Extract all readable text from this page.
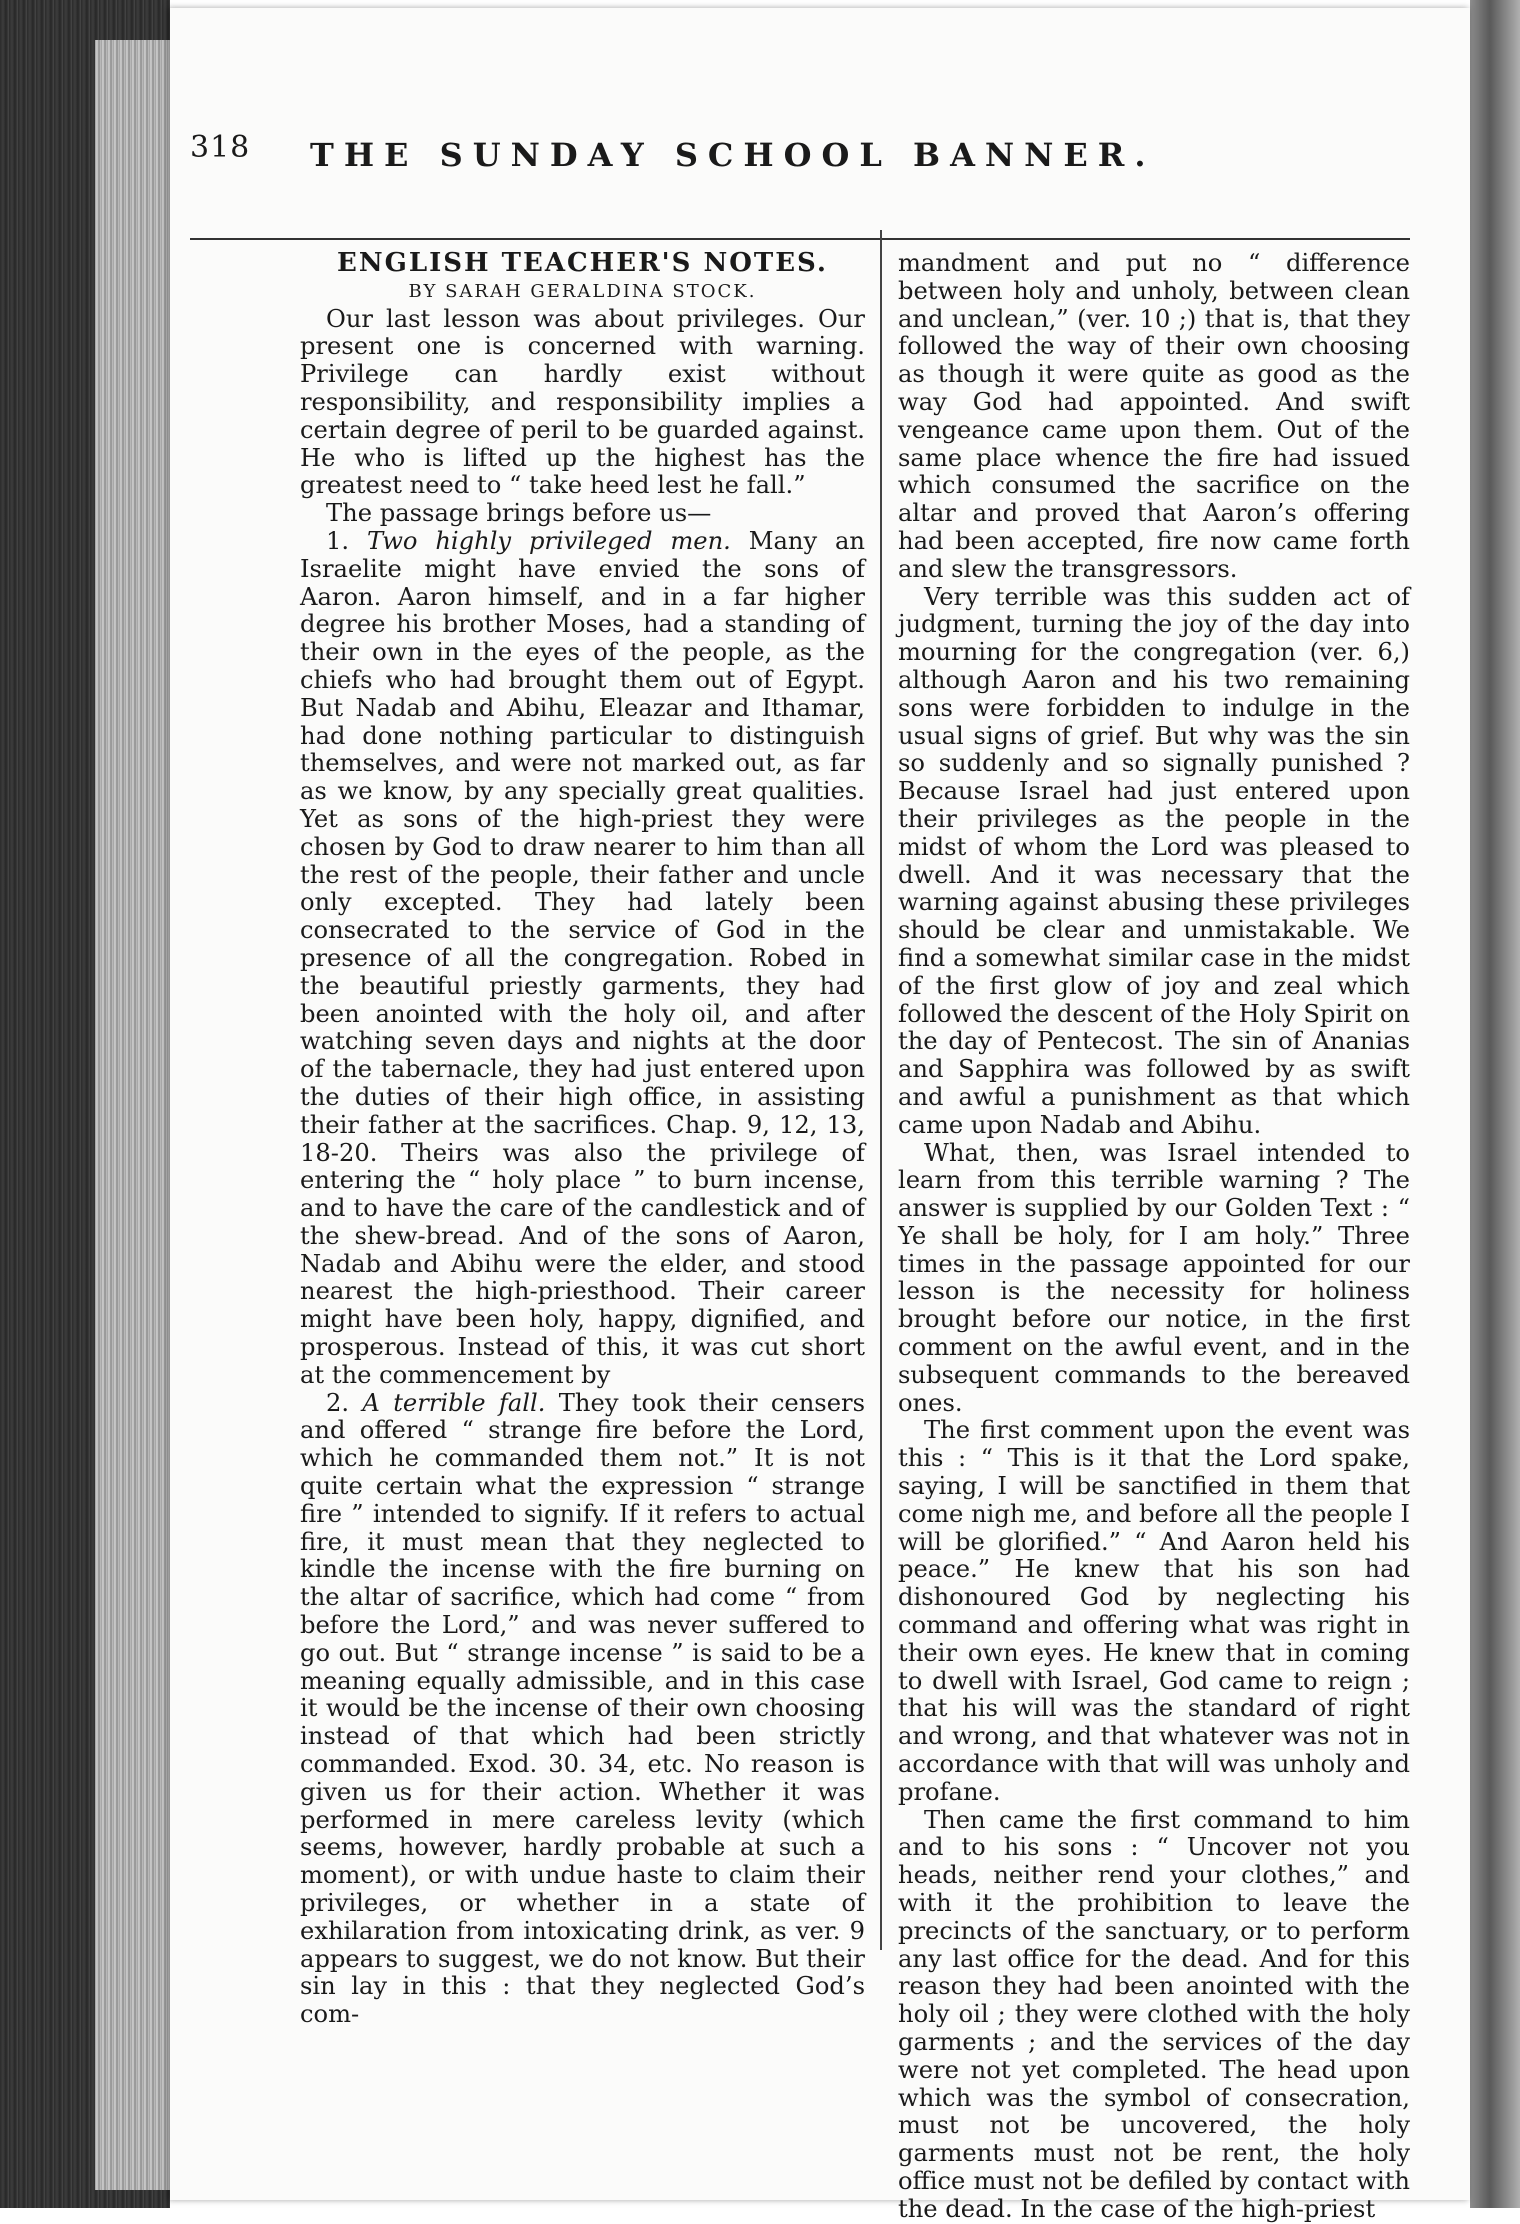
318 THE SUNDAY SCHOOL BANNER.

ENGLISH TEACHER'S NOTES.

BY SARAH GERALDINA STOCK.

Our last lesson was about privileges. Our present one is concerned with warning. Privilege can hardly exist without responsibility, and responsibility implies a certain degree of peril to be guarded against. He who is lifted up the highest has the greatest need to “ take heed lest he fall.”

The passage brings before us—

1. Two highly privileged men. Many an Israelite might have envied the sons of Aaron. Aaron himself, and in a far higher degree his brother Moses, had a standing of their own in the eyes of the people, as the chiefs who had brought them out of Egypt. But Nadab and Abihu, Eleazar and Ithamar, had done nothing particular to distinguish themselves, and were not marked out, as far as we know, by any specially great qualities. Yet as sons of the high-priest they were chosen by God to draw nearer to him than all the rest of the people, their father and uncle only excepted. They had lately been consecrated to the service of God in the presence of all the congregation. Robed in the beautiful priestly garments, they had been anointed with the holy oil, and after watching seven days and nights at the door of the tabernacle, they had just entered upon the duties of their high office, in assisting their father at the sacrifices. Chap. 9, 12, 13, 18-20. Theirs was also the privilege of entering the “ holy place ” to burn incense, and to have the care of the candlestick and of the shew-bread. And of the sons of Aaron, Nadab and Abihu were the elder, and stood nearest the high-priesthood. Their career might have been holy, happy, dignified, and prosperous. Instead of this, it was cut short at the commencement by

2. A terrible fall. They took their censers and offered “ strange fire before the Lord, which he commanded them not.” It is not quite certain what the expression “ strange fire ” intended to signify. If it refers to actual fire, it must mean that they neglected to kindle the incense with the fire burning on the altar of sacrifice, which had come “ from before the Lord,” and was never suffered to go out. But “ strange incense ” is said to be a meaning equally admissible, and in this case it would be the incense of their own choosing instead of that which had been strictly commanded. Exod. 30. 34, etc. No reason is given us for their action. Whether it was performed in mere careless levity (which seems, however, hardly probable at such a moment), or with undue haste to claim their privileges, or whether in a state of exhilaration from intoxicating drink, as ver. 9 appears to suggest, we do not know. But their sin lay in this : that they neglected God’s com-

mandment and put no “ difference between holy and unholy, between clean and unclean,” (ver. 10 ;) that is, that they followed the way of their own choosing as though it were quite as good as the way God had appointed. And swift vengeance came upon them. Out of the same place whence the fire had issued which consumed the sacrifice on the altar and proved that Aaron’s offering had been accepted, fire now came forth and slew the transgressors.

Very terrible was this sudden act of judgment, turning the joy of the day into mourning for the congregation (ver. 6,) although Aaron and his two remaining sons were forbidden to indulge in the usual signs of grief. But why was the sin so suddenly and so signally punished ? Because Israel had just entered upon their privileges as the people in the midst of whom the Lord was pleased to dwell. And it was necessary that the warning against abusing these privileges should be clear and unmistakable. We find a somewhat similar case in the midst of the first glow of joy and zeal which followed the descent of the Holy Spirit on the day of Pentecost. The sin of Ananias and Sapphira was followed by as swift and awful a punishment as that which came upon Nadab and Abihu.

What, then, was Israel intended to learn from this terrible warning ? The answer is supplied by our Golden Text : “ Ye shall be holy, for I am holy.” Three times in the passage appointed for our lesson is the necessity for holiness brought before our notice, in the first comment on the awful event, and in the subsequent commands to the bereaved ones.

The first comment upon the event was this : “ This is it that the Lord spake, saying, I will be sanctified in them that come nigh me, and before all the people I will be glorified.” “ And Aaron held his peace.” He knew that his son had dishonoured God by neglecting his command and offering what was right in their own eyes. He knew that in coming to dwell with Israel, God came to reign ; that his will was the standard of right and wrong, and that whatever was not in accordance with that will was unholy and profane.

Then came the first command to him and to his sons : “ Uncover not you heads, neither rend your clothes,” and with it the prohibition to leave the precincts of the sanctuary, or to perform any last office for the dead. And for this reason they had been anointed with the holy oil ; they were clothed with the holy garments ; and the services of the day were not yet completed. The head upon which was the symbol of consecration, must not be uncovered, the holy garments must not be rent, the holy office must not be defiled by contact with the dead. In the case of the high-priest
